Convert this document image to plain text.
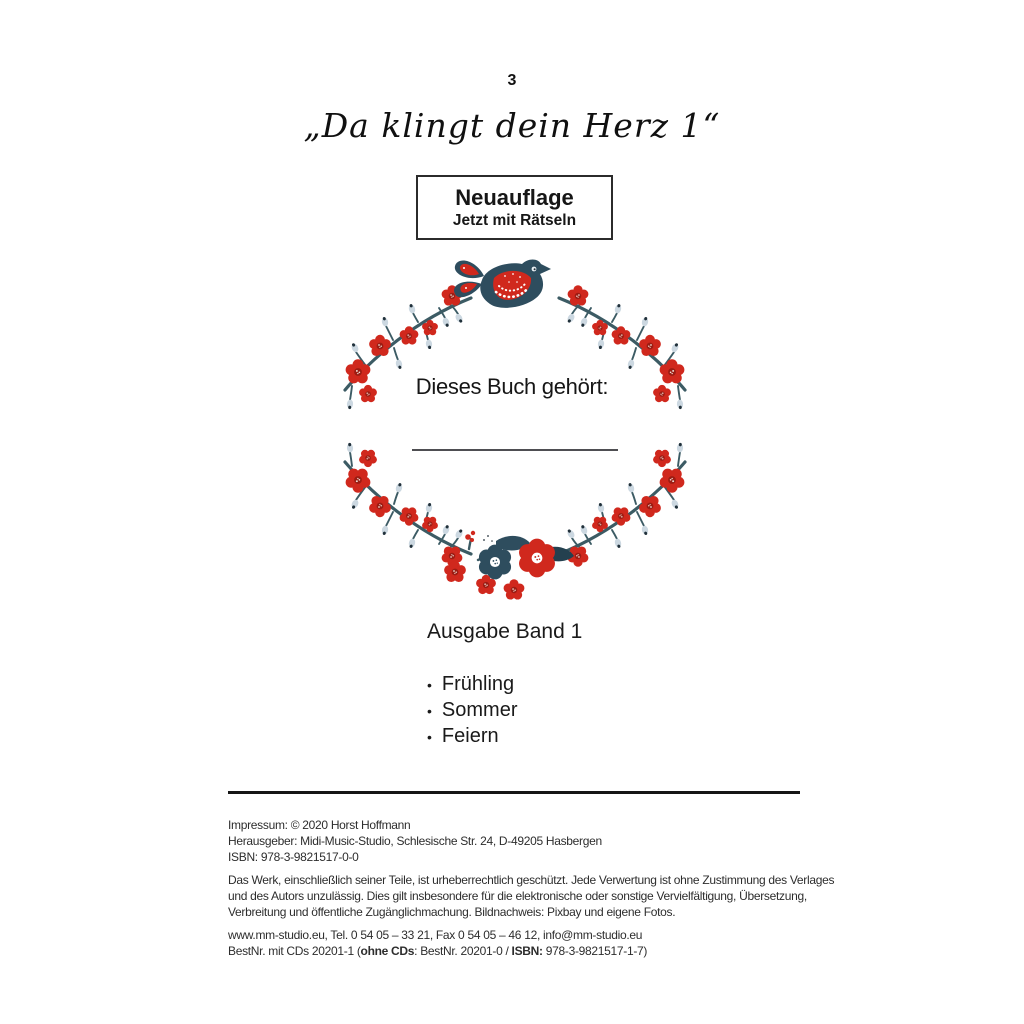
3
„Da klingt dein Herz 1“
Neuauflage
Jetzt mit Rätseln
Dieses Buch gehört:
Ausgabe Band 1
• Frühling
• Sommer
• Feiern
Impressum: © 2020 Horst Hoffmann
Herausgeber: Midi-Music-Studio, Schlesische Str. 24, D-49205 Hasbergen
ISBN: 978-3-9821517-0-0
Das Werk, einschließlich seiner Teile, ist urheberrechtlich geschützt. Jede Verwertung ist ohne Zustimmung des Verlages
und des Autors unzulässig. Dies gilt insbesondere für die elektronische oder sonstige Vervielfältigung, Übersetzung,
Verbreitung und öffentliche Zugänglichmachung. Bildnachweis: Pixbay und eigene Fotos.
www.mm-studio.eu, Tel. 0 54 05 – 33 21, Fax 0 54 05 – 46 12, info@mm-studio.eu
BestNr. mit CDs 20201-1 (ohne CDs: BestNr. 20201-0 / ISBN: 978-3-9821517-1-7)
